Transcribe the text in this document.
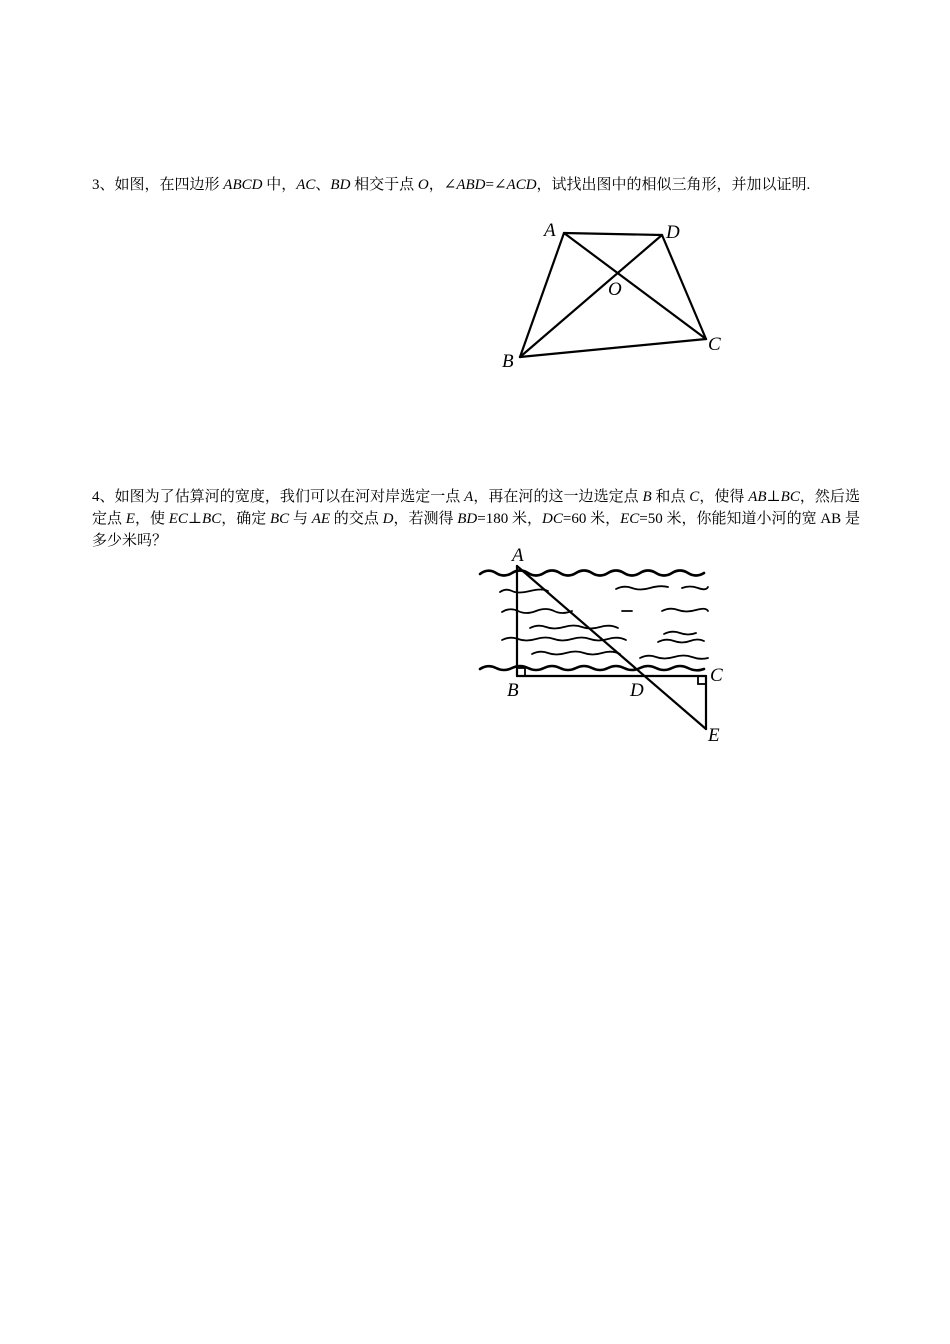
3、如图，在四边形 ABCD 中，AC、BD 相交于点 O，∠ABD=∠ACD，试找出图中的相似三角形，并加以证明.

A	D
O
C
B

4、如图为了估算河的宽度，我们可以在河对岸选定一点 A，再在河的这一边选定点 B 和点 C，使得 AB⊥BC，然后选定点 E，使 EC⊥BC，确定 BC 与 AE 的交点 D，若测得 BD=180 米，DC=60 米，EC=50 米，你能知道小河的宽 AB 是多少米吗？

A
B	D
C
E
